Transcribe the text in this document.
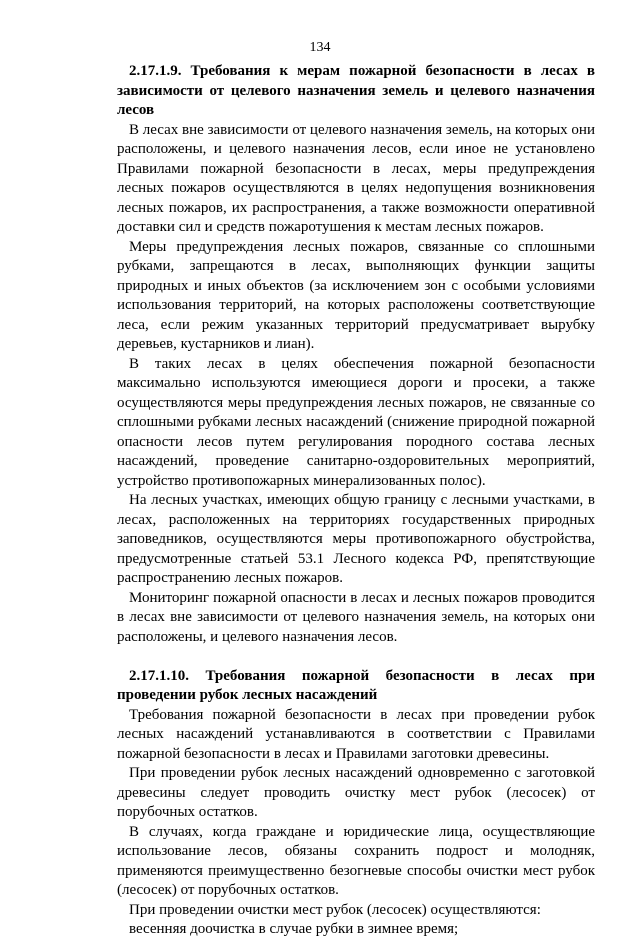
134

2.17.1.9. Требования к мерам пожарной безопасности в лесах в зависимости от целевого назначения земель и целевого назначения лесов

В лесах вне зависимости от целевого назначения земель, на которых они расположены, и целевого назначения лесов, если иное не установлено Правилами пожарной безопасности в лесах, меры предупреждения лесных пожаров осуществляются в целях недопущения возникновения лесных пожаров, их распространения, а также возможности оперативной доставки сил и средств пожаротушения к местам лесных пожаров.

Меры предупреждения лесных пожаров, связанные со сплошными рубками, запрещаются в лесах, выполняющих функции защиты природных и иных объектов (за исключением зон с особыми условиями использования территорий, на которых расположены соответствующие леса, если режим указанных территорий предусматривает вырубку деревьев, кустарников и лиан).

В таких лесах в целях обеспечения пожарной безопасности максимально используются имеющиеся дороги и просеки, а также осуществляются меры предупреждения лесных пожаров, не связанные со сплошными рубками лесных насаждений (снижение природной пожарной опасности лесов путем регулирования породного состава лесных насаждений, проведение санитарно-оздоровительных мероприятий, устройство противопожарных минерализованных полос).

На лесных участках, имеющих общую границу с лесными участками, в лесах, расположенных на территориях государственных природных заповедников, осуществляются меры противопожарного обустройства, предусмотренные статьей 53.1 Лесного кодекса РФ, препятствующие распространению лесных пожаров.

Мониторинг пожарной опасности в лесах и лесных пожаров проводится в лесах вне зависимости от целевого назначения земель, на которых они расположены, и целевого назначения лесов.

2.17.1.10. Требования пожарной безопасности в лесах при проведении рубок лесных насаждений

Требования пожарной безопасности в лесах при проведении рубок лесных насаждений устанавливаются в соответствии с Правилами пожарной безопасности в лесах и Правилами заготовки древесины.

При проведении рубок лесных насаждений одновременно с заготовкой древесины следует проводить очистку мест рубок (лесосек) от порубочных остатков.

В случаях, когда граждане и юридические лица, осуществляющие использование лесов, обязаны сохранить подрост и молодняк, применяются преимущественно безогневые способы очистки мест рубок (лесосек) от порубочных остатков.

При проведении очистки мест рубок (лесосек) осуществляются:

весенняя доочистка в случае рубки в зимнее время;
